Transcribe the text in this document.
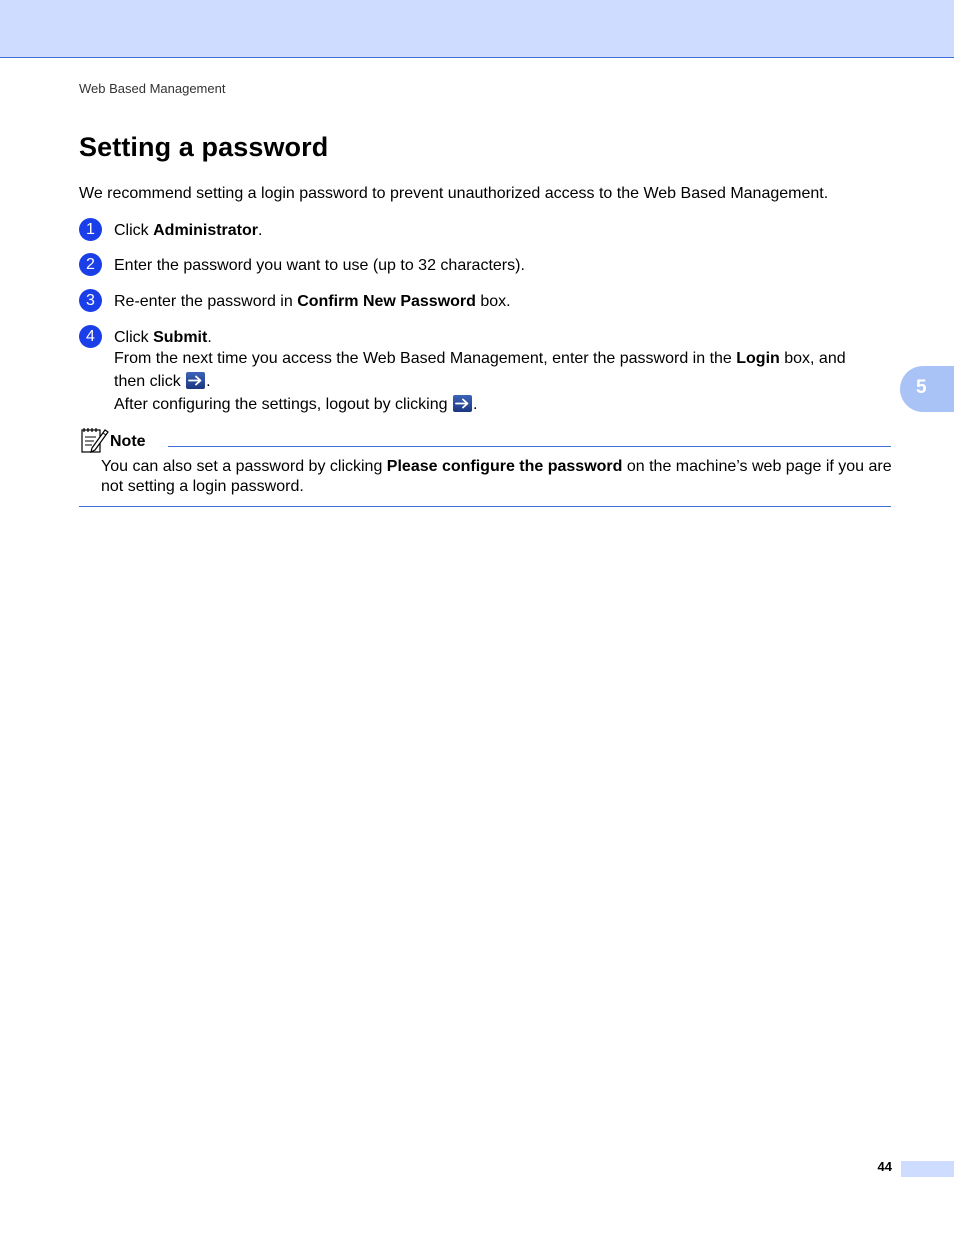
Web Based Management
Setting a password
We recommend setting a login password to prevent unauthorized access to the Web Based Management.
1	Click Administrator.
2	Enter the password you want to use (up to 32 characters).
3	Re-enter the password in Confirm New Password box.
4	Click Submit.
From the next time you access the Web Based Management, enter the password in the Login box, and
then click
.
After configuring the settings, logout by clicking
.
5
Note
You can also set a password by clicking Please configure the password on the machine’s web page if you are not setting a login password.
44
